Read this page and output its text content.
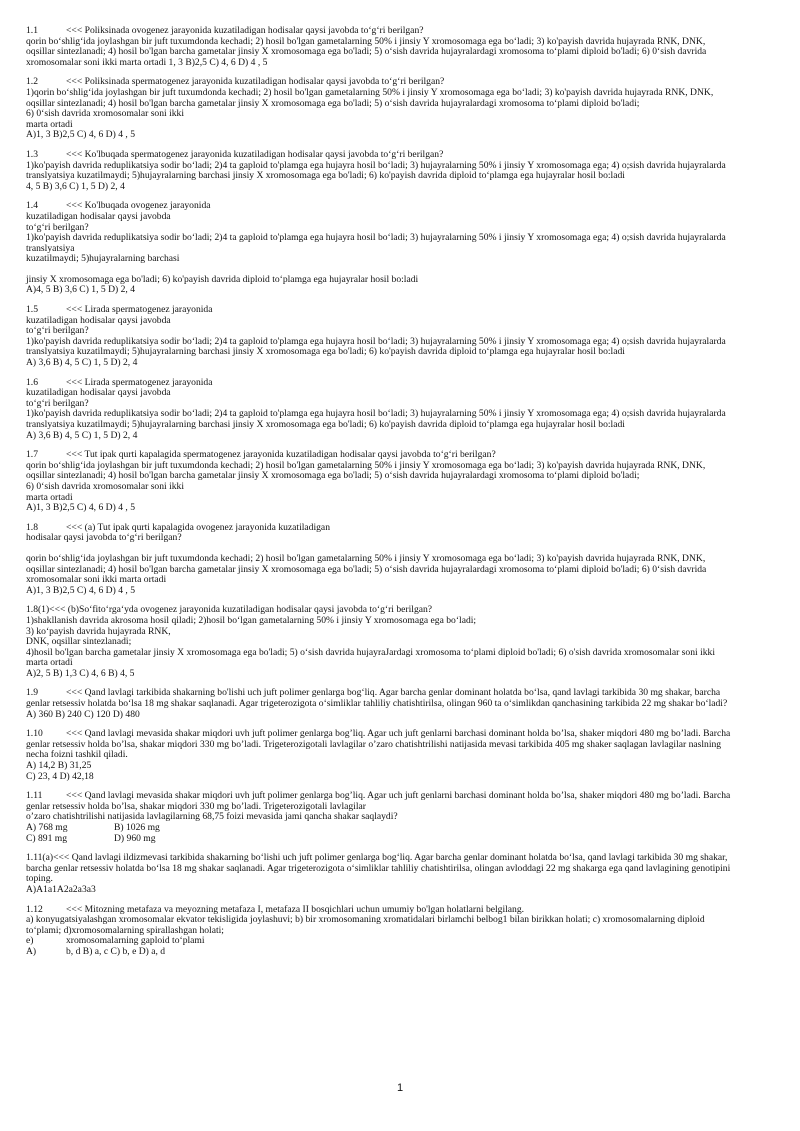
1.1	<<< Poliksinada ovogenez jarayonida kuzatiladigan hodisalar qaysi javobda to‘g‘ri berilgan?
qorin bo‘shlig‘ida joylashgan bir juft tuxumdonda kechadi; 2) hosil bo'lgan gametalarning 50% i jinsiy Y xromosomaga ega bo‘ladi; 3) ko'payish davrida hujayrada RNK, DNK,
oqsillar sintezlanadi; 4) hosil bo'lgan barcha gametalar jinsiy X xromosomaga ega bo'ladi; 5) o‘sish davrida hujayralardagi xromosoma to‘plami diploid bo'ladi; 6) 0‘sish davrida
xromosomalar soni ikki marta ortadi 1, 3 B)2,5 C) 4, 6 D) 4 , 5
1.2	<<< Poliksinada spermatogenez jarayonida kuzatiladigan hodisalar qaysi javobda to‘g‘ri berilgan?
1)qorin bo‘shlig‘ida joylashgan bir juft tuxumdonda kechadi; 2) hosil bo'lgan gametalarning 50% i jinsiy Y xromosomaga ega bo‘ladi; 3) ko'payish davrida hujayrada RNK, DNK,
oqsillar sintezlanadi; 4) hosil bo'lgan barcha gametalar jinsiy X xromosomaga ega bo'ladi; 5) o‘sish davrida hujayralardagi xromosoma to‘plami diploid bo'ladi;
6) 0‘sish davrida xromosomalar soni ikki
marta ortadi
A)1, 3 B)2,5 C) 4, 6 D) 4 , 5
1.3	<<< Ko'lbuqada spermatogenez jarayonida kuzatiladigan hodisalar qaysi javobda to‘g‘ri berilgan?
1)ko'payish davrida reduplikatsiya sodir bo‘ladi; 2)4 ta gaploid to'plamga ega hujayra hosil bo‘ladi; 3) hujayralarning 50% i jinsiy Y xromosomaga ega; 4) o;sish davrida hujayralarda
translyatsiya kuzatilmaydi; 5)hujayralarning barchasi jinsiy X xromosomaga ega bo'ladi; 6) ko'payish davrida diploid to‘plamga ega hujayralar hosil bo:ladi
4, 5 B) 3,6 C) 1, 5 D) 2, 4
1.4	<<< Ko'lbuqada ovogenez jarayonida
kuzatiladigan hodisalar qaysi javobda
to‘g‘ri berilgan?
1)ko'payish davrida reduplikatsiya sodir bo‘ladi; 2)4 ta gaploid to'plamga ega hujayra hosil bo‘ladi; 3) hujayralarning 50% i jinsiy Y xromosomaga ega; 4) o;sish davrida hujayralarda
translyatsiya
kuzatilmaydi; 5)hujayralarning barchasi
jinsiy X xromosomaga ega bo'ladi; 6) ko'payish davrida diploid to‘plamga ega hujayralar hosil bo:ladi
A)4, 5 B) 3,6 C) 1, 5 D) 2, 4
1.5	<<< Lirada spermatogenez jarayonida
kuzatiladigan hodisalar qaysi javobda
to‘g‘ri berilgan?
1)ko'payish davrida reduplikatsiya sodir bo‘ladi; 2)4 ta gaploid to'plamga ega hujayra hosil bo‘ladi; 3) hujayralarning 50% i jinsiy Y xromosomaga ega; 4) o;sish davrida hujayralarda
translyatsiya kuzatilmaydi; 5)hujayralarning barchasi jinsiy X xromosomaga ega bo'ladi; 6) ko'payish davrida diploid to‘plamga ega hujayralar hosil bo:ladi
A) 3,6 B) 4, 5 C) 1, 5 D) 2, 4
1.6	<<< Lirada spermatogenez jarayonida
kuzatiladigan hodisalar qaysi javobda
to‘g‘ri berilgan?
1)ko'payish davrida reduplikatsiya sodir bo‘ladi; 2)4 ta gaploid to'plamga ega hujayra hosil bo‘ladi; 3) hujayralarning 50% i jinsiy Y xromosomaga ega; 4) o;sish davrida hujayralarda
translyatsiya kuzatilmaydi; 5)hujayralarning barchasi jinsiy X xromosomaga ega bo'ladi; 6) ko'payish davrida diploid to‘plamga ega hujayralar hosil bo:ladi
A) 3,6 B) 4, 5 C) 1, 5 D) 2, 4
1.7	<<< Tut ipak qurti kapalagida spermatogenez jarayonida kuzatiladigan hodisalar qaysi javobda to‘g‘ri berilgan?
qorin bo‘shlig‘ida joylashgan bir juft tuxumdonda kechadi; 2) hosil bo'lgan gametalarning 50% i jinsiy Y xromosomaga ega bo‘ladi; 3) ko'payish davrida hujayrada RNK, DNK,
oqsillar sintezlanadi; 4) hosil bo'lgan barcha gametalar jinsiy X xromosomaga ega bo'ladi; 5) o‘sish davrida hujayralardagi xromosoma to‘plami diploid bo'ladi;
6) 0‘sish davrida xromosomalar soni ikki
marta ortadi
A)1, 3 B)2,5 C) 4, 6 D) 4 , 5
1.8	<<< (a) Tut ipak qurti kapalagida ovogenez jarayonida kuzatiladigan
hodisalar qaysi javobda to‘g‘ri berilgan?
qorin bo‘shlig‘ida joylashgan bir juft tuxumdonda kechadi; 2) hosil bo'lgan gametalarning 50% i jinsiy Y xromosomaga ega bo‘ladi; 3) ko'payish davrida hujayrada RNK, DNK,
oqsillar sintezlanadi; 4) hosil bo'lgan barcha gametalar jinsiy X xromosomaga ega bo'ladi; 5) o‘sish davrida hujayralardagi xromosoma to‘plami diploid bo'ladi; 6) 0‘sish davrida
xromosomalar soni ikki marta ortadi
A)1, 3 B)2,5 C) 4, 6 D) 4 , 5
1.8(1)<<< (b)So‘fito‘rga‘yda ovogenez jarayonida kuzatiladigan hodisalar qaysi javobda to‘g‘ri berilgan?
1)shakllanish davrida akrosoma hosil qiladi; 2)hosil bo‘lgan gametalarning 50% i jinsiy Y xromosomaga ega bo‘ladi;
3) ko‘payish davrida hujayrada RNK,
DNK, oqsillar sintezlanadi;
4)hosil bo'lgan barcha gametalar jinsiy X xromosomaga ega bo'ladi; 5) o‘sish davrida hujayraJardagi xromosoma to‘plami diploid bo'ladi; 6) o'sish davrida xromosomalar soni ikki
marta ortadi
A)2, 5 B) 1,3 C) 4, 6 B) 4, 5
1.9	<<< Qand lavlagi tarkibida shakarning bo'lishi uch juft polimer genlarga bog‘liq. Agar barcha genlar dominant holatda bo‘lsa, qand lavlagi tarkibida 30 mg shakar, barcha
genlar retsessiv holatda bo‘lsa 18 mg shakar saqlanadi. Agar trigeterozigota o‘simliklar tahliliy chatishtirilsa, olingan 960 ta o‘simlikdan qanchasining tarkibida 22 mg shakar bo‘ladi?
A) 360 B) 240 C) 120 D) 480
1.10 <<< Qand lavlagi mevasida shakar miqdori uvh juft polimer genlarga bog’liq. Agar uch juft genlarni barchasi dominant holda bo’lsa, shaker miqdori 480 mg bo’ladi. Barcha
genlar retsessiv holda bo’lsa, shakar miqdori 330 mg bo’ladi. Trigeterozigotali lavlagilar o’zaro chatishtrilishi natijasida mevasi tarkibida 405 mg shaker saqlagan lavlagilar naslning
necha foizni tashkil qiladi.
A) 14,2 B) 31,25
C) 23, 4 D) 42,18
1.11 <<< Qand lavlagi mevasida shakar miqdori uvh juft polimer genlarga bog’liq. Agar uch juft genlarni barchasi dominant holda bo’lsa, shaker miqdori 480 mg bo’ladi. Barcha
genlar retsessiv holda bo’lsa, shakar miqdori 330 mg bo’ladi. Trigeterozigotali lavlagilar
o’zaro chatishtrilishi natijasida lavlagilarning 68,75 foizi mevasida jami qancha shakar saqlaydi?
A) 768 mg	B) 1026 mg
C) 891 mg	D) 960 mg
1.11(a)<<< Qand lavlagi ildizmevasi tarkibida shakarning bo‘lishi uch juft polimer genlarga bog‘liq. Agar barcha genlar dominant holatda bo‘lsa, qand lavlagi tarkibida 30 mg shakar,
barcha genlar retsessiv holatda bo‘lsa 18 mg shakar saqlanadi. Agar trigeterozigota o‘simliklar tahliliy chatishtirilsa, olingan avloddagi 22 mg shakarga ega qand lavlagining genotipini
toping.
A)A1a1A2a2a3a3
1.12 <<< Mitozning metafaza va meyozning metafaza I, metafaza II bosqichlari uchun umumiy bo'lgan holatlarni belgilang.
a) konyugatsiyalashgan xromosomalar ekvator tekisligida joylashuvi; b) bir xromosomaning xromatidalari birlamchi belbog1 bilan birikkan holati; c) xromosomalarning diploid
to‘plami; d)xromosomalarning spirallashgan holati;
e)	xromosomalarning gaploid to‘plami
A)	b, d B) a, c C) b, e D) a, d
1
